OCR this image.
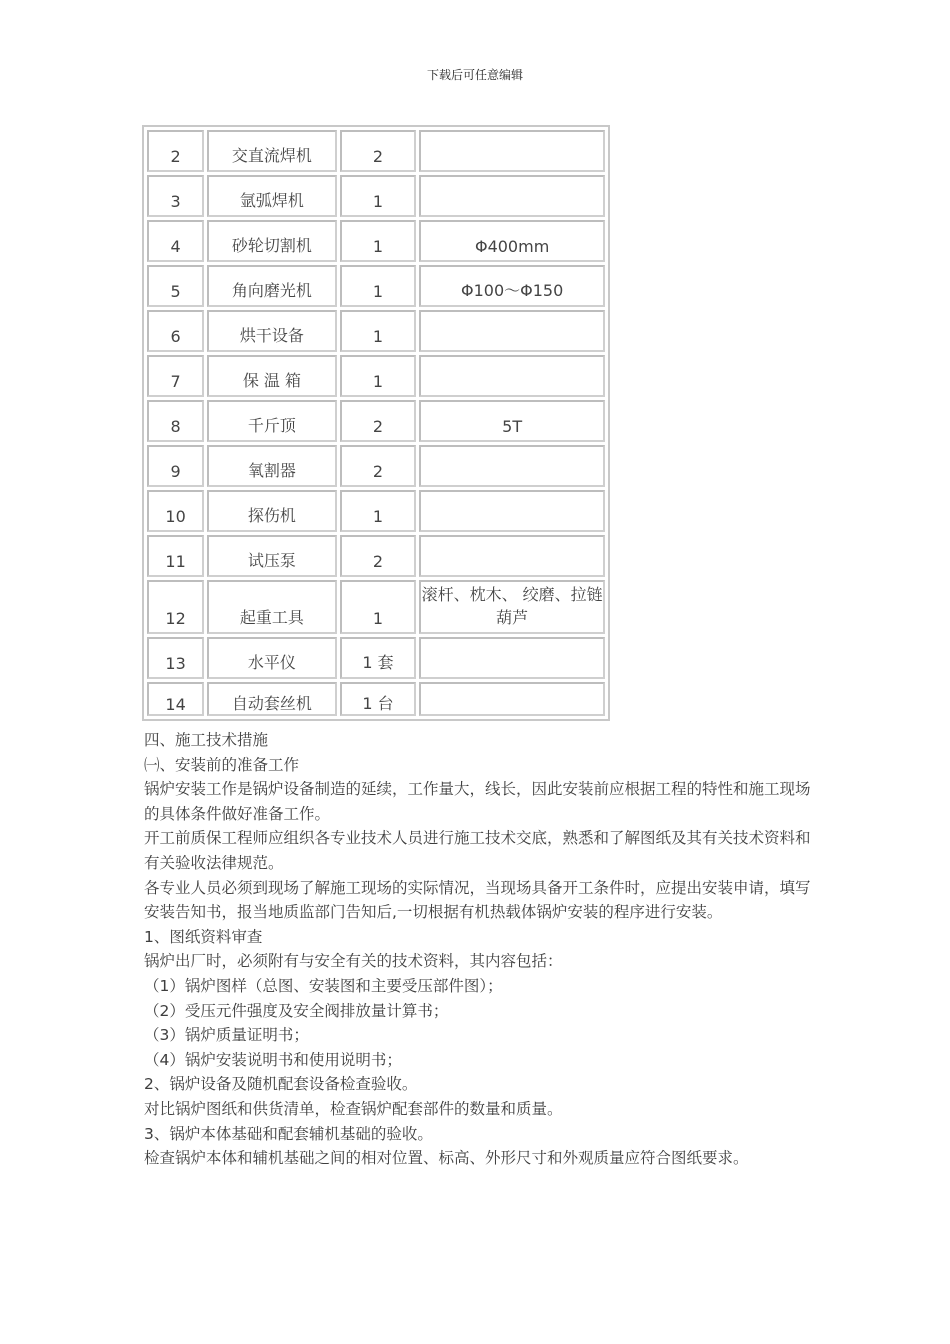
下载后可任意编辑
2	交直流焊机	2	
3	氩弧焊机	1	
4	砂轮切割机	1	Φ400mm
5	角向磨光机	1	Φ100～Φ150
6	烘干设备	1	
7	保 温 箱	1	
8	千斤顶	2	5T
9	氧割器	2	
10	探伤机	1	
11	试压泵	2	
12	起重工具	1	滚杆、枕木、 绞磨、拉链葫芦
13	水平仪	1 套	
14	自动套丝机	1 台	

四、施工技术措施

㈠、安装前的准备工作

锅炉安装工作是锅炉设备制造的延续，工作量大，线长，因此安装前应根据工程的特性和施工现场的具体条件做好准备工作。

开工前质保工程师应组织各专业技术人员进行施工技术交底，熟悉和了解图纸及其有关技术资料和有关验收法律规范。

各专业人员必须到现场了解施工现场的实际情况，当现场具备开工条件时，应提出安装申请，填写安装告知书，报当地质监部门告知后,一切根据有机热载体锅炉安装的程序进行安装。

1、图纸资料审查

锅炉出厂时，必须附有与安全有关的技术资料，其内容包括：

（1）锅炉图样（总图、安装图和主要受压部件图）；

（2）受压元件强度及安全阀排放量计算书；

（3）锅炉质量证明书；

（4）锅炉安装说明书和使用说明书；

2、锅炉设备及随机配套设备检查验收。

对比锅炉图纸和供货清单，检查锅炉配套部件的数量和质量。

3、锅炉本体基础和配套辅机基础的验收。

检查锅炉本体和辅机基础之间的相对位置、标高、外形尺寸和外观质量应符合图纸要求。
